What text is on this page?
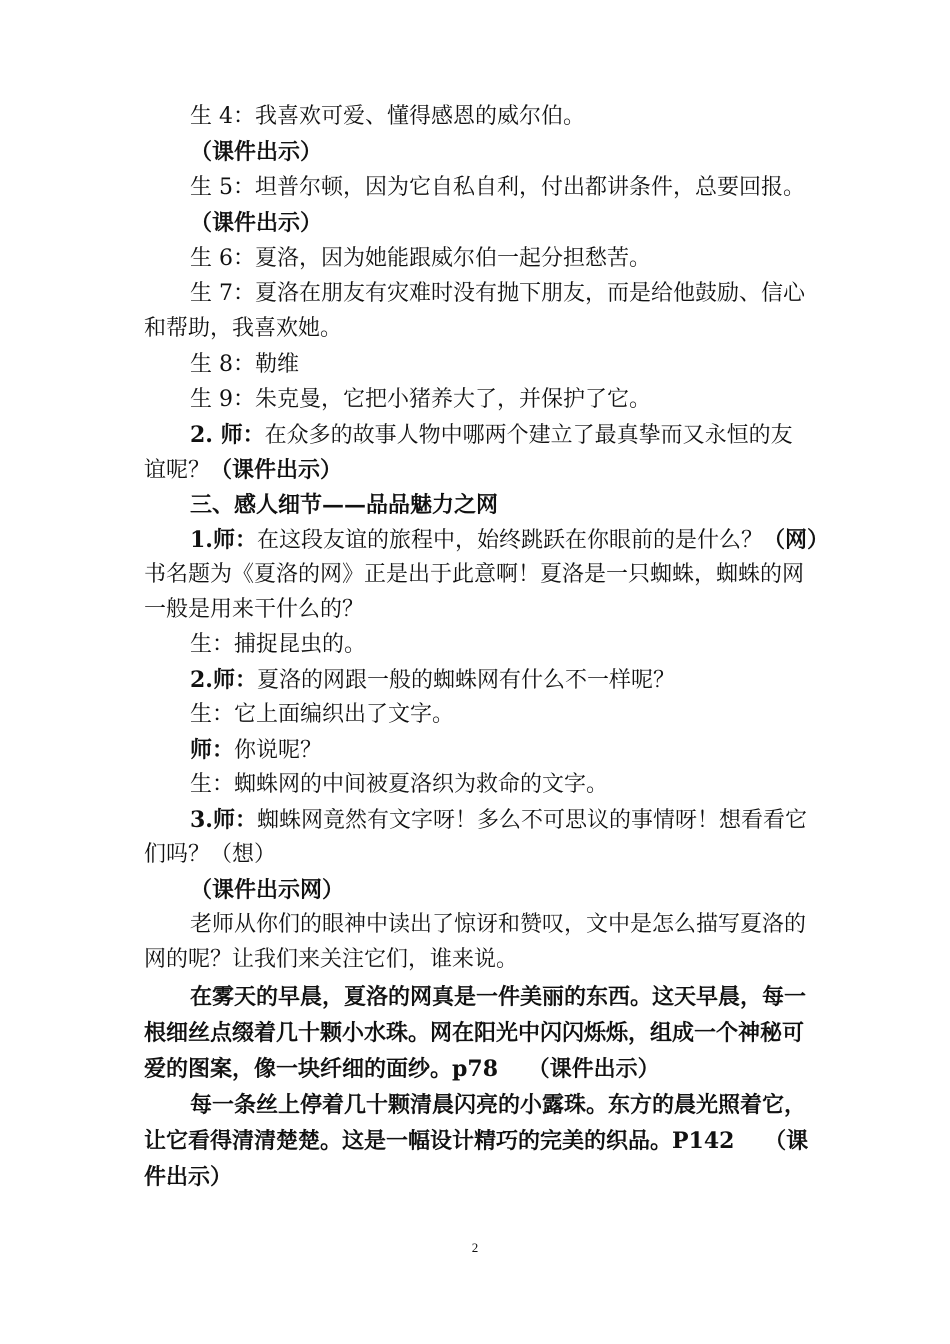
生 4：我喜欢可爱、懂得感恩的威尔伯。
（课件出示）
生 5：坦普尔顿，因为它自私自利，付出都讲条件，总要回报。
（课件出示）
生 6：夏洛，因为她能跟威尔伯一起分担愁苦。
生 7：夏洛在朋友有灾难时没有抛下朋友，而是给他鼓励、信心
和帮助，我喜欢她。
生 8：勒维
生 9：朱克曼，它把小猪养大了，并保护了它。
2. 师：在众多的故事人物中哪两个建立了最真挚而又永恒的友
谊呢？（课件出示）
三、感人细节——品品魅力之网
1.师：在这段友谊的旅程中，始终跳跃在你眼前的是什么？（网）
书名题为《夏洛的网》正是出于此意啊！夏洛是一只蜘蛛，蜘蛛的网
一般是用来干什么的？
生：捕捉昆虫的。
2.师：夏洛的网跟一般的蜘蛛网有什么不一样呢？
生：它上面编织出了文字。
师：你说呢？
生：蜘蛛网的中间被夏洛织为救命的文字。
3.师：蜘蛛网竟然有文字呀！多么不可思议的事情呀！想看看它
们吗？（想）
（课件出示网）
老师从你们的眼神中读出了惊讶和赞叹，文中是怎么描写夏洛的
网的呢？让我们来关注它们，谁来说。
在雾天的早晨，夏洛的网真是一件美丽的东西。这天早晨，每一
根细丝点缀着几十颗小水珠。网在阳光中闪闪烁烁，组成一个神秘可
爱的图案，像一块纤细的面纱。p78　 （课件出示）
每一条丝上停着几十颗清晨闪亮的小露珠。东方的晨光照着它，
让它看得清清楚楚。这是一幅设计精巧的完美的织品。P142　 （课
件出示）
2
